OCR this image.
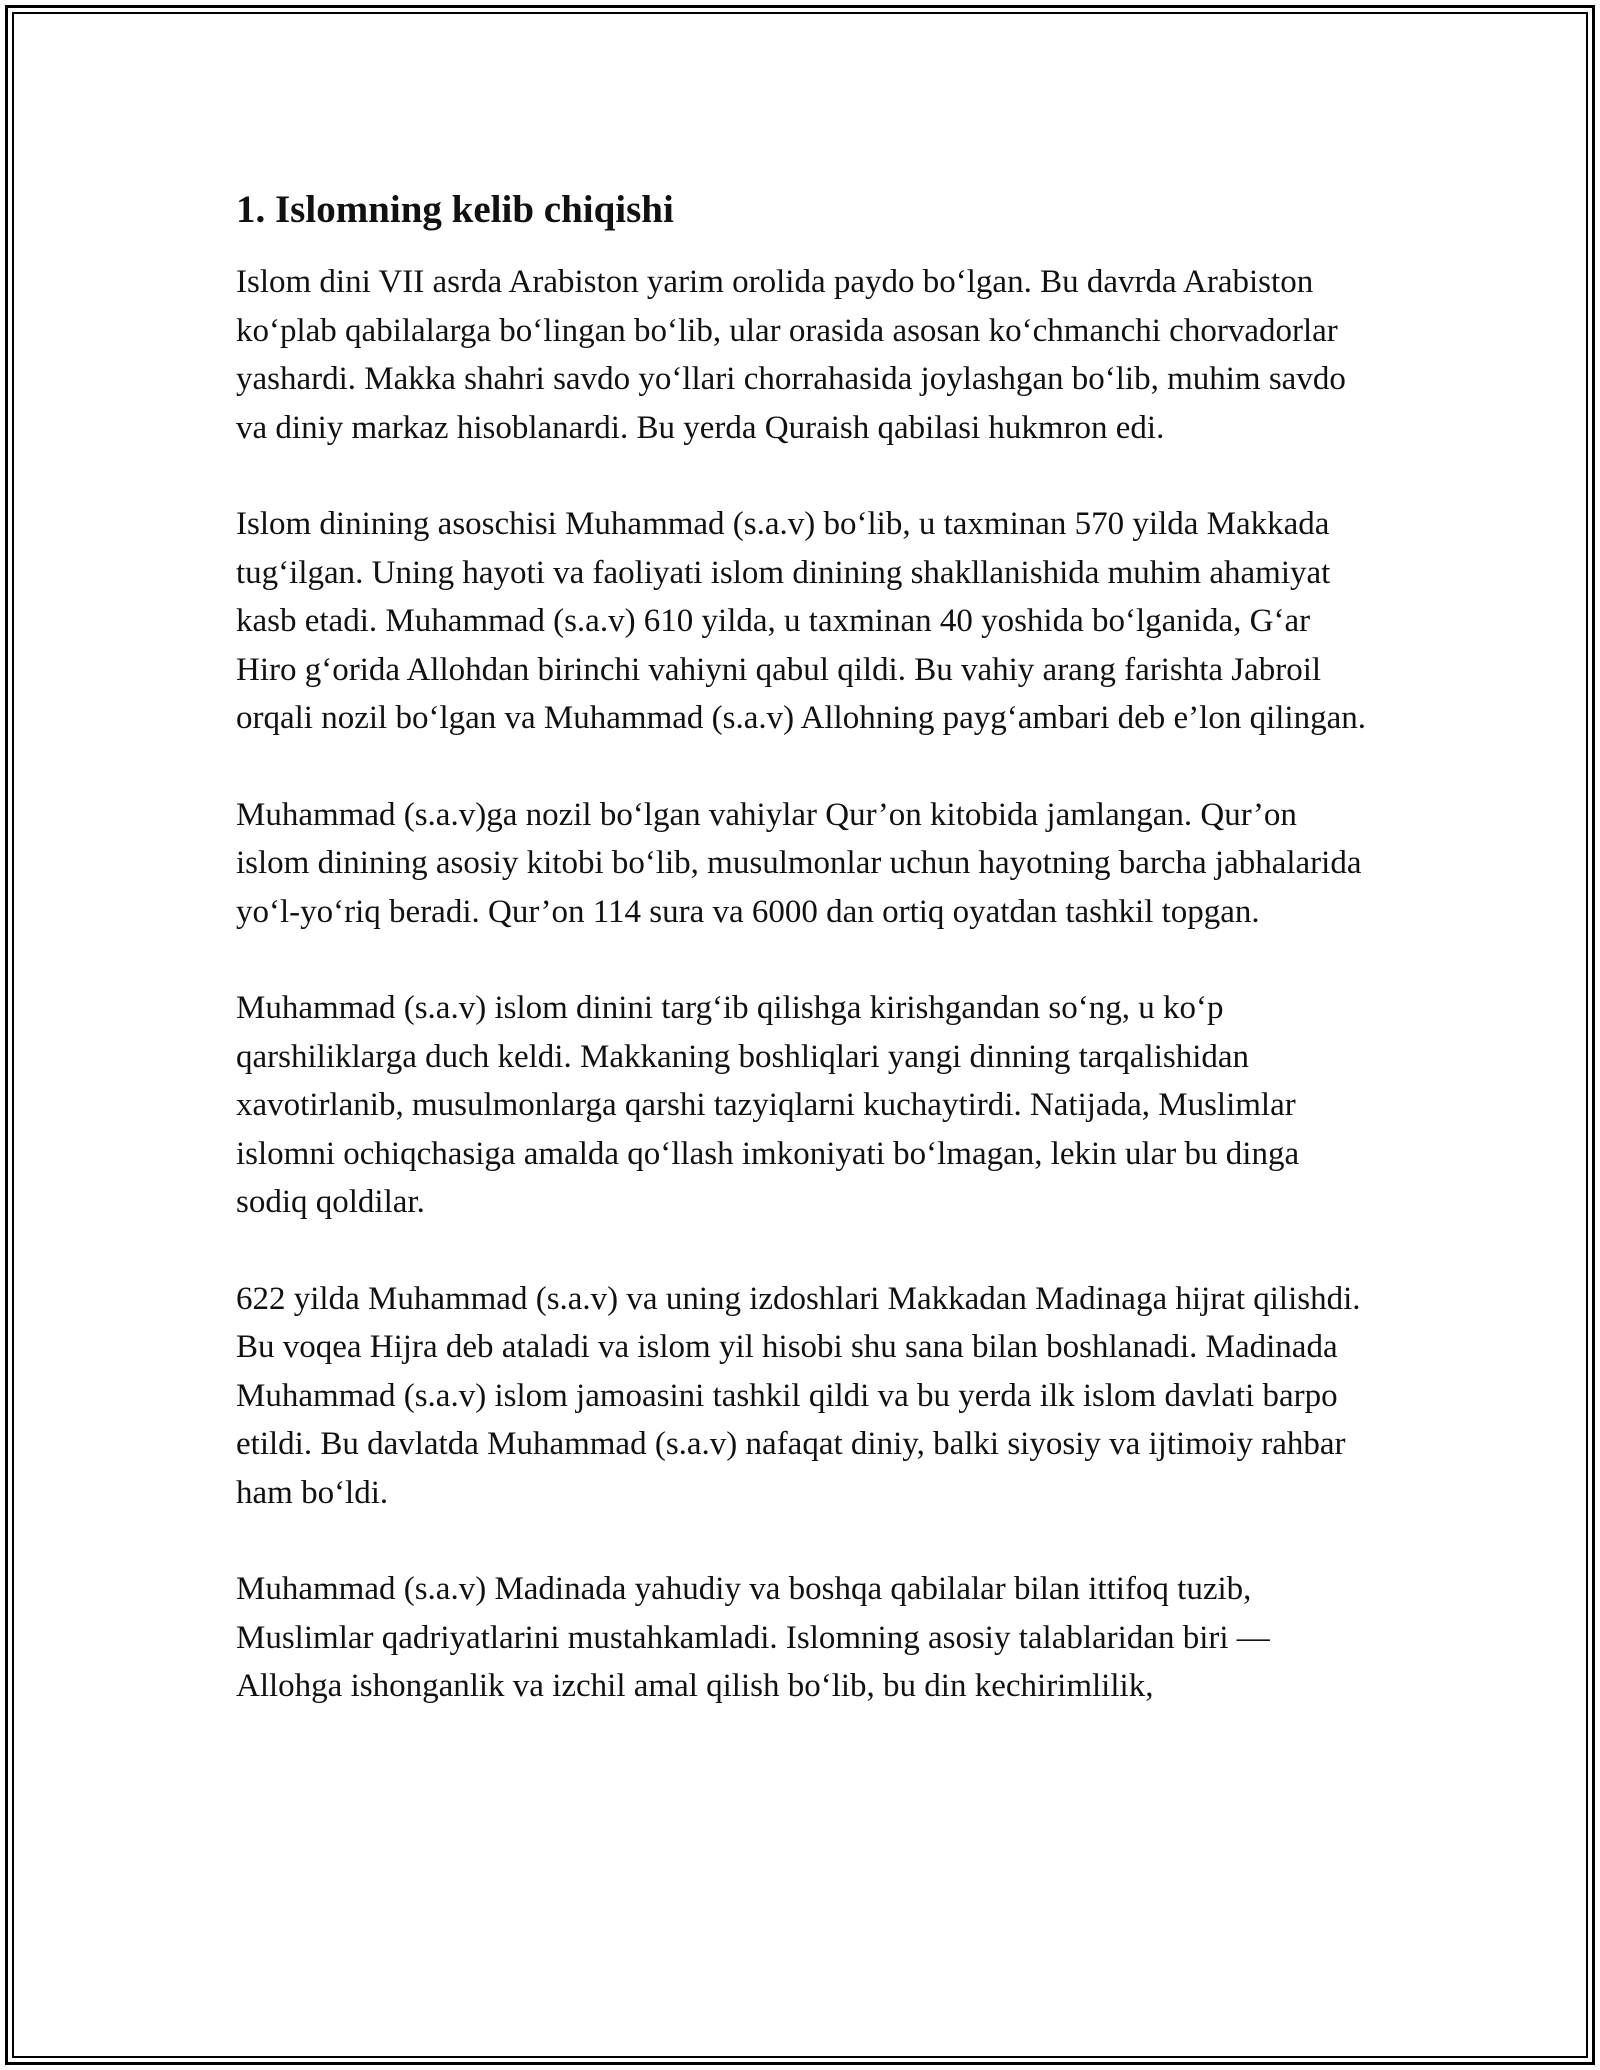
1. Islomning kelib chiqishi

Islom dini VII asrda Arabiston yarim orolida paydo bo‘lgan. Bu davrda Arabiston ko‘plab qabilalarga bo‘lingan bo‘lib, ular orasida asosan ko‘chmanchi chorvadorlar yashardi. Makka shahri savdo yo‘llari chorrahasida joylashgan bo‘lib, muhim savdo va diniy markaz hisoblanardi. Bu yerda Quraish qabilasi hukmron edi.

Islom dinining asoschisi Muhammad (s.a.v) bo‘lib, u taxminan 570 yilda Makkada tug‘ilgan. Uning hayoti va faoliyati islom dinining shakllanishida muhim ahamiyat kasb etadi. Muhammad (s.a.v) 610 yilda, u taxminan 40 yoshida bo‘lganida, G‘ar Hiro g‘orida Allohdan birinchi vahiyni qabul qildi. Bu vahiy arang farishta Jabroil orqali nozil bo‘lgan va Muhammad (s.a.v) Allohning payg‘ambari deb e’lon qilingan.

Muhammad (s.a.v)ga nozil bo‘lgan vahiylar Qur’on kitobida jamlangan. Qur’on islom dinining asosiy kitobi bo‘lib, musulmonlar uchun hayotning barcha jabhalarida yo‘l-yo‘riq beradi. Qur’on 114 sura va 6000 dan ortiq oyatdan tashkil topgan.

Muhammad (s.a.v) islom dinini targ‘ib qilishga kirishgandan so‘ng, u ko‘p qarshiliklarga duch keldi. Makkaning boshliqlari yangi dinning tarqalishidan xavotirlanib, musulmonlarga qarshi tazyiqlarni kuchaytirdi. Natijada, Muslimlar islomni ochiqchasiga amalda qo‘llash imkoniyati bo‘lmagan, lekin ular bu dinga sodiq qoldilar.

622 yilda Muhammad (s.a.v) va uning izdoshlari Makkadan Madinaga hijrat qilishdi. Bu voqea Hijra deb ataladi va islom yil hisobi shu sana bilan boshlanadi. Madinada Muhammad (s.a.v) islom jamoasini tashkil qildi va bu yerda ilk islom davlati barpo etildi. Bu davlatda Muhammad (s.a.v) nafaqat diniy, balki siyosiy va ijtimoiy rahbar ham bo‘ldi.

Muhammad (s.a.v) Madinada yahudiy va boshqa qabilalar bilan ittifoq tuzib, Muslimlar qadriyatlarini mustahkamladi. Islomning asosiy talablaridan biri — Allohga ishonganlik va izchil amal qilish bo‘lib, bu din kechirimlilik,
